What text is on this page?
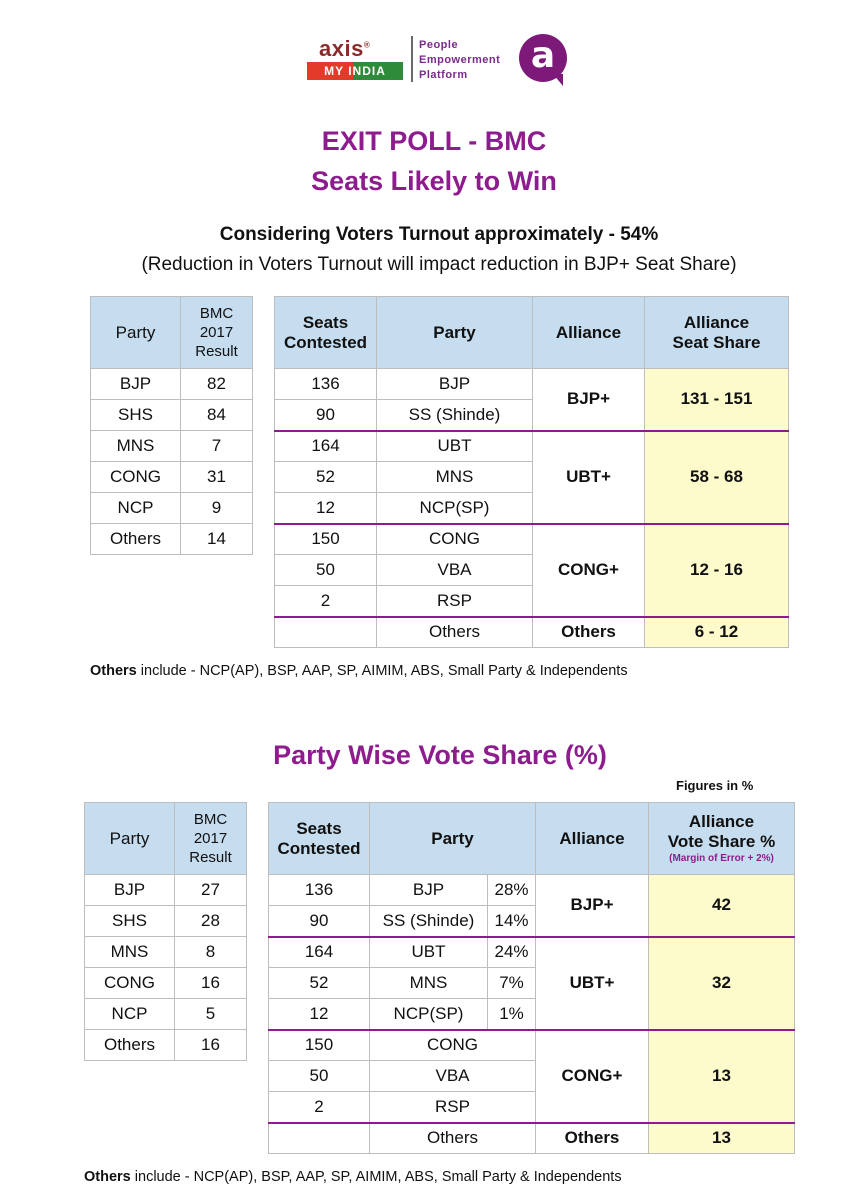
axis®
MY INDIA
People
Empowerment
Platform	a
EXIT POLL - BMC
Seats Likely to Win
Considering Voters Turnout approximately - 54%
(Reduction in Voters Turnout will impact reduction in BJP+ Seat Share)
Party	BMC
2017
Result

BJP	82
SHS	84
MNS	7
CONG	31
NCP	9
Others	14
Seats
Contested	Party	Alliance	Alliance
Seat Share

136	BJP	BJP+	131 - 151
90	SS (Shinde)		
164	UBT	UBT+	58 - 68
52	MNS		
12	NCP(SP)		
150	CONG	CONG+	12 - 16
50	VBA		
2	RSP		
	Others	Others	6 - 12
Others include - NCP(AP), BSP, AAP, SP, AIMIM, ABS, Small Party & Independents
Party Wise Vote Share (%)
Figures in %
Party	BMC
2017
Result

BJP	27
SHS	28
MNS	8
CONG	16
NCP	5
Others	16
Seats
Contested	Party		Alliance	Alliance
Vote Share %
(Margin of Error + 2%)

136	BJP	28%	BJP+	42
90	SS (Shinde)	14%		
164	UBT	24%	UBT+	32
52	MNS	7%		
12	NCP(SP)	1%		
150	CONG		CONG+	13
50	VBA			
2	RSP			
	Others		Others	13
Others include - NCP(AP), BSP, AAP, SP, AIMIM, ABS, Small Party & Independents
